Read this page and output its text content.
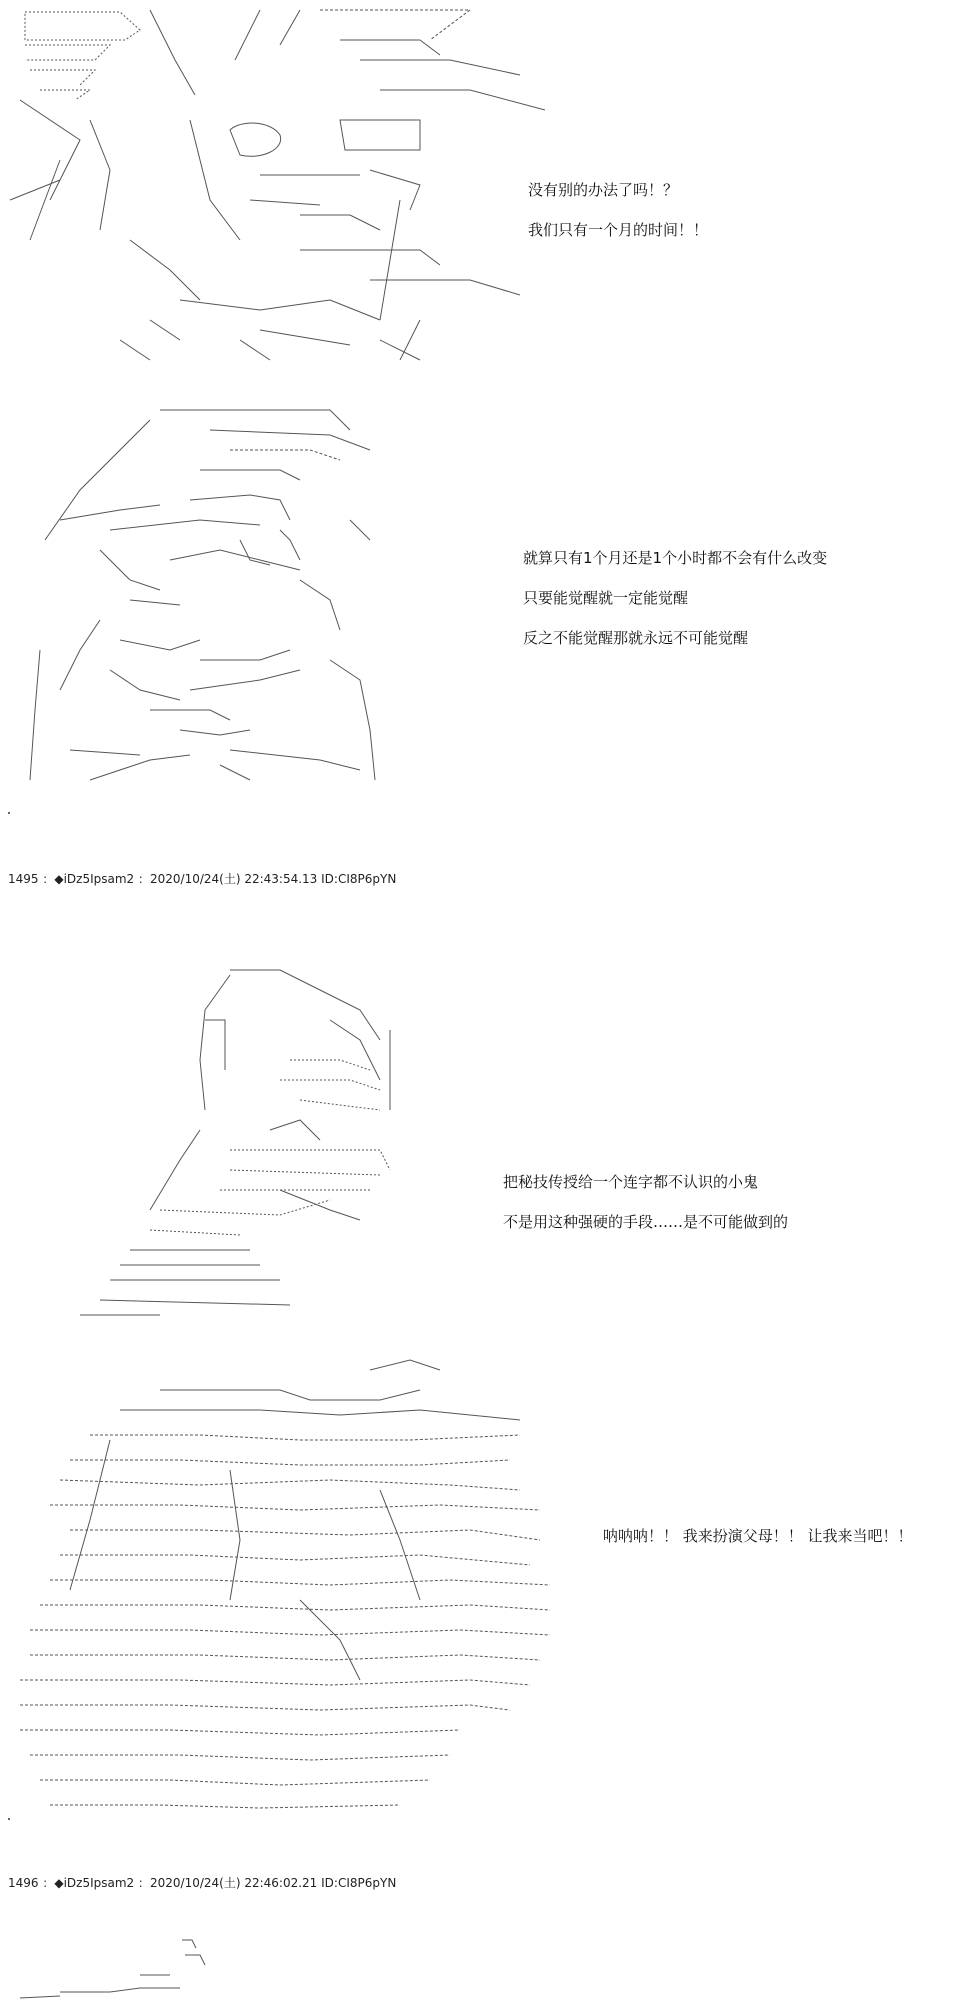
没有别的办法了吗！？
我们只有一个月的时间！！
就算只有1个月还是1个小时都不会有什么改变
只要能觉醒就一定能觉醒
反之不能觉醒那就永远不可能觉醒
1495 ：◆iDz5Ipsam2 ：2020/10/24(土) 22:43:54.13 ID:CI8P6pYN
把秘技传授给一个连字都不认识的小鬼
不是用这种强硬的手段……是不可能做到的
呐呐呐！！ 我来扮演父母！！ 让我来当吧！！
1496 ：◆iDz5Ipsam2 ：2020/10/24(土) 22:46:02.21 ID:CI8P6pYN
